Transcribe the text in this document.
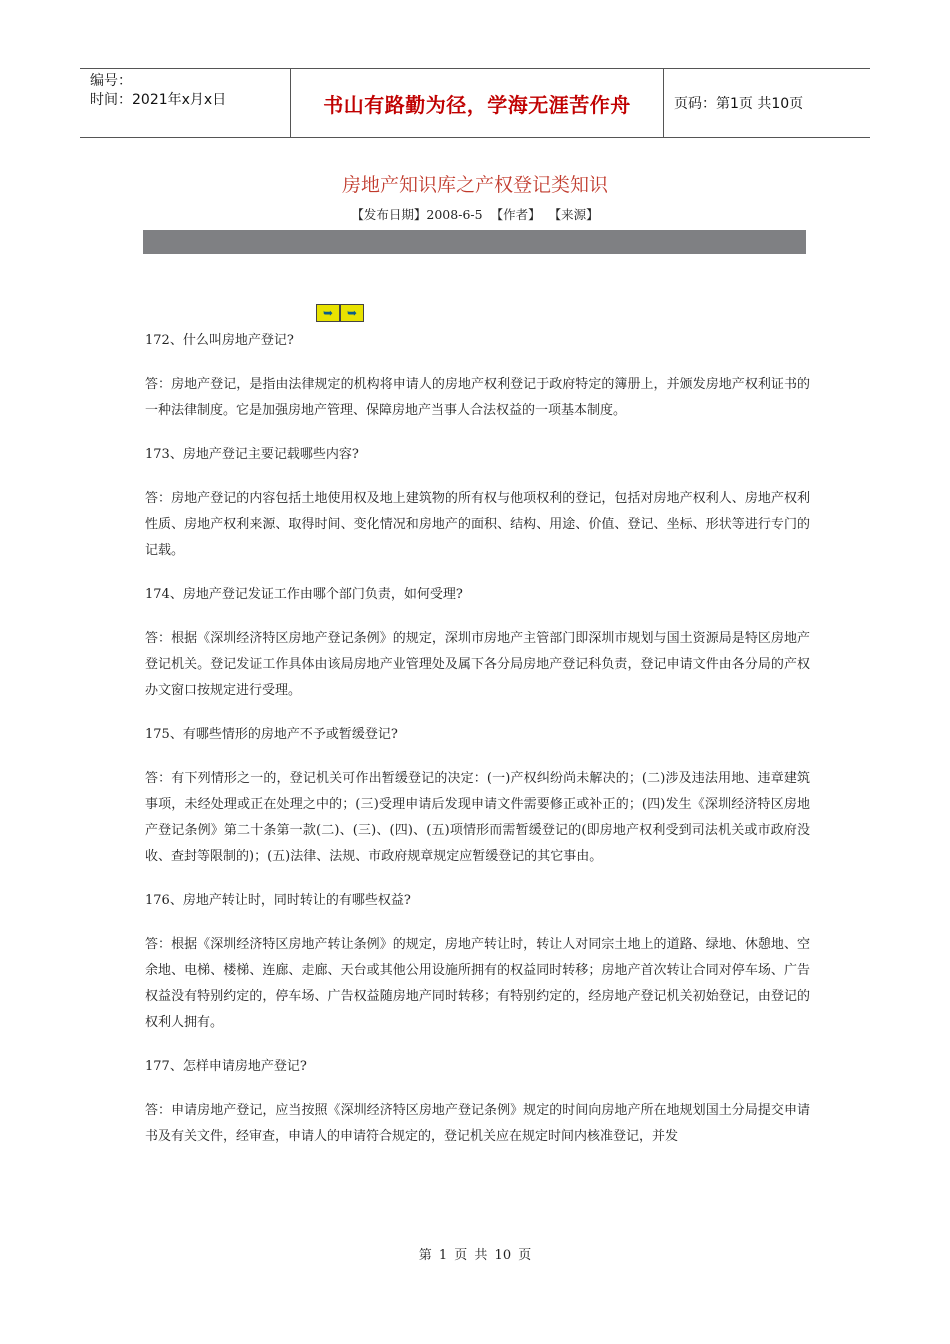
编号：
时间：2021年x月x日	书山有路勤为径，学海无涯苦作舟	页码：第1页 共10页
房地产知识库之产权登记类知识
【发布日期】2008-6-5 【作者】 【来源】
➥	➥

172、什么叫房地产登记?

答：房地产登记，是指由法律规定的机构将申请人的房地产权利登记于政府特定的簿册上，并颁发房地产权利证书的一种法律制度。它是加强房地产管理、保障房地产当事人合法权益的一项基本制度。

173、房地产登记主要记载哪些内容?

答：房地产登记的内容包括土地使用权及地上建筑物的所有权与他项权利的登记，包括对房地产权利人、房地产权利性质、房地产权利来源、取得时间、变化情况和房地产的面积、结构、用途、价值、登记、坐标、形状等进行专门的记载。

174、房地产登记发证工作由哪个部门负责，如何受理?

答：根据《深圳经济特区房地产登记条例》的规定，深圳市房地产主管部门即深圳市规划与国土资源局是特区房地产登记机关。登记发证工作具体由该局房地产业管理处及属下各分局房地产登记科负责，登记申请文件由各分局的产权办文窗口按规定进行受理。

175、有哪些情形的房地产不予或暂缓登记?

答：有下列情形之一的，登记机关可作出暂缓登记的决定：(一)产权纠纷尚未解决的；(二)涉及违法用地、违章建筑事项，未经处理或正在处理之中的；(三)受理申请后发现申请文件需要修正或补正的；(四)发生《深圳经济特区房地产登记条例》第二十条第一款(二)、(三)、(四)、(五)项情形而需暂缓登记的(即房地产权利受到司法机关或市政府没收、查封等限制的)；(五)法律、法规、市政府规章规定应暂缓登记的其它事由。

176、房地产转让时，同时转让的有哪些权益?

答：根据《深圳经济特区房地产转让条例》的规定，房地产转让时，转让人对同宗土地上的道路、绿地、休憩地、空余地、电梯、楼梯、连廊、走廊、天台或其他公用设施所拥有的权益同时转移；房地产首次转让合同对停车场、广告权益没有特别约定的，停车场、广告权益随房地产同时转移；有特别约定的，经房地产登记机关初始登记，由登记的权利人拥有。

177、怎样申请房地产登记?

答：申请房地产登记，应当按照《深圳经济特区房地产登记条例》规定的时间向房地产所在地规划国土分局提交申请书及有关文件，经审查，申请人的申请符合规定的，登记机关应在规定时间内核准登记，并发

第 1 页 共 10 页
